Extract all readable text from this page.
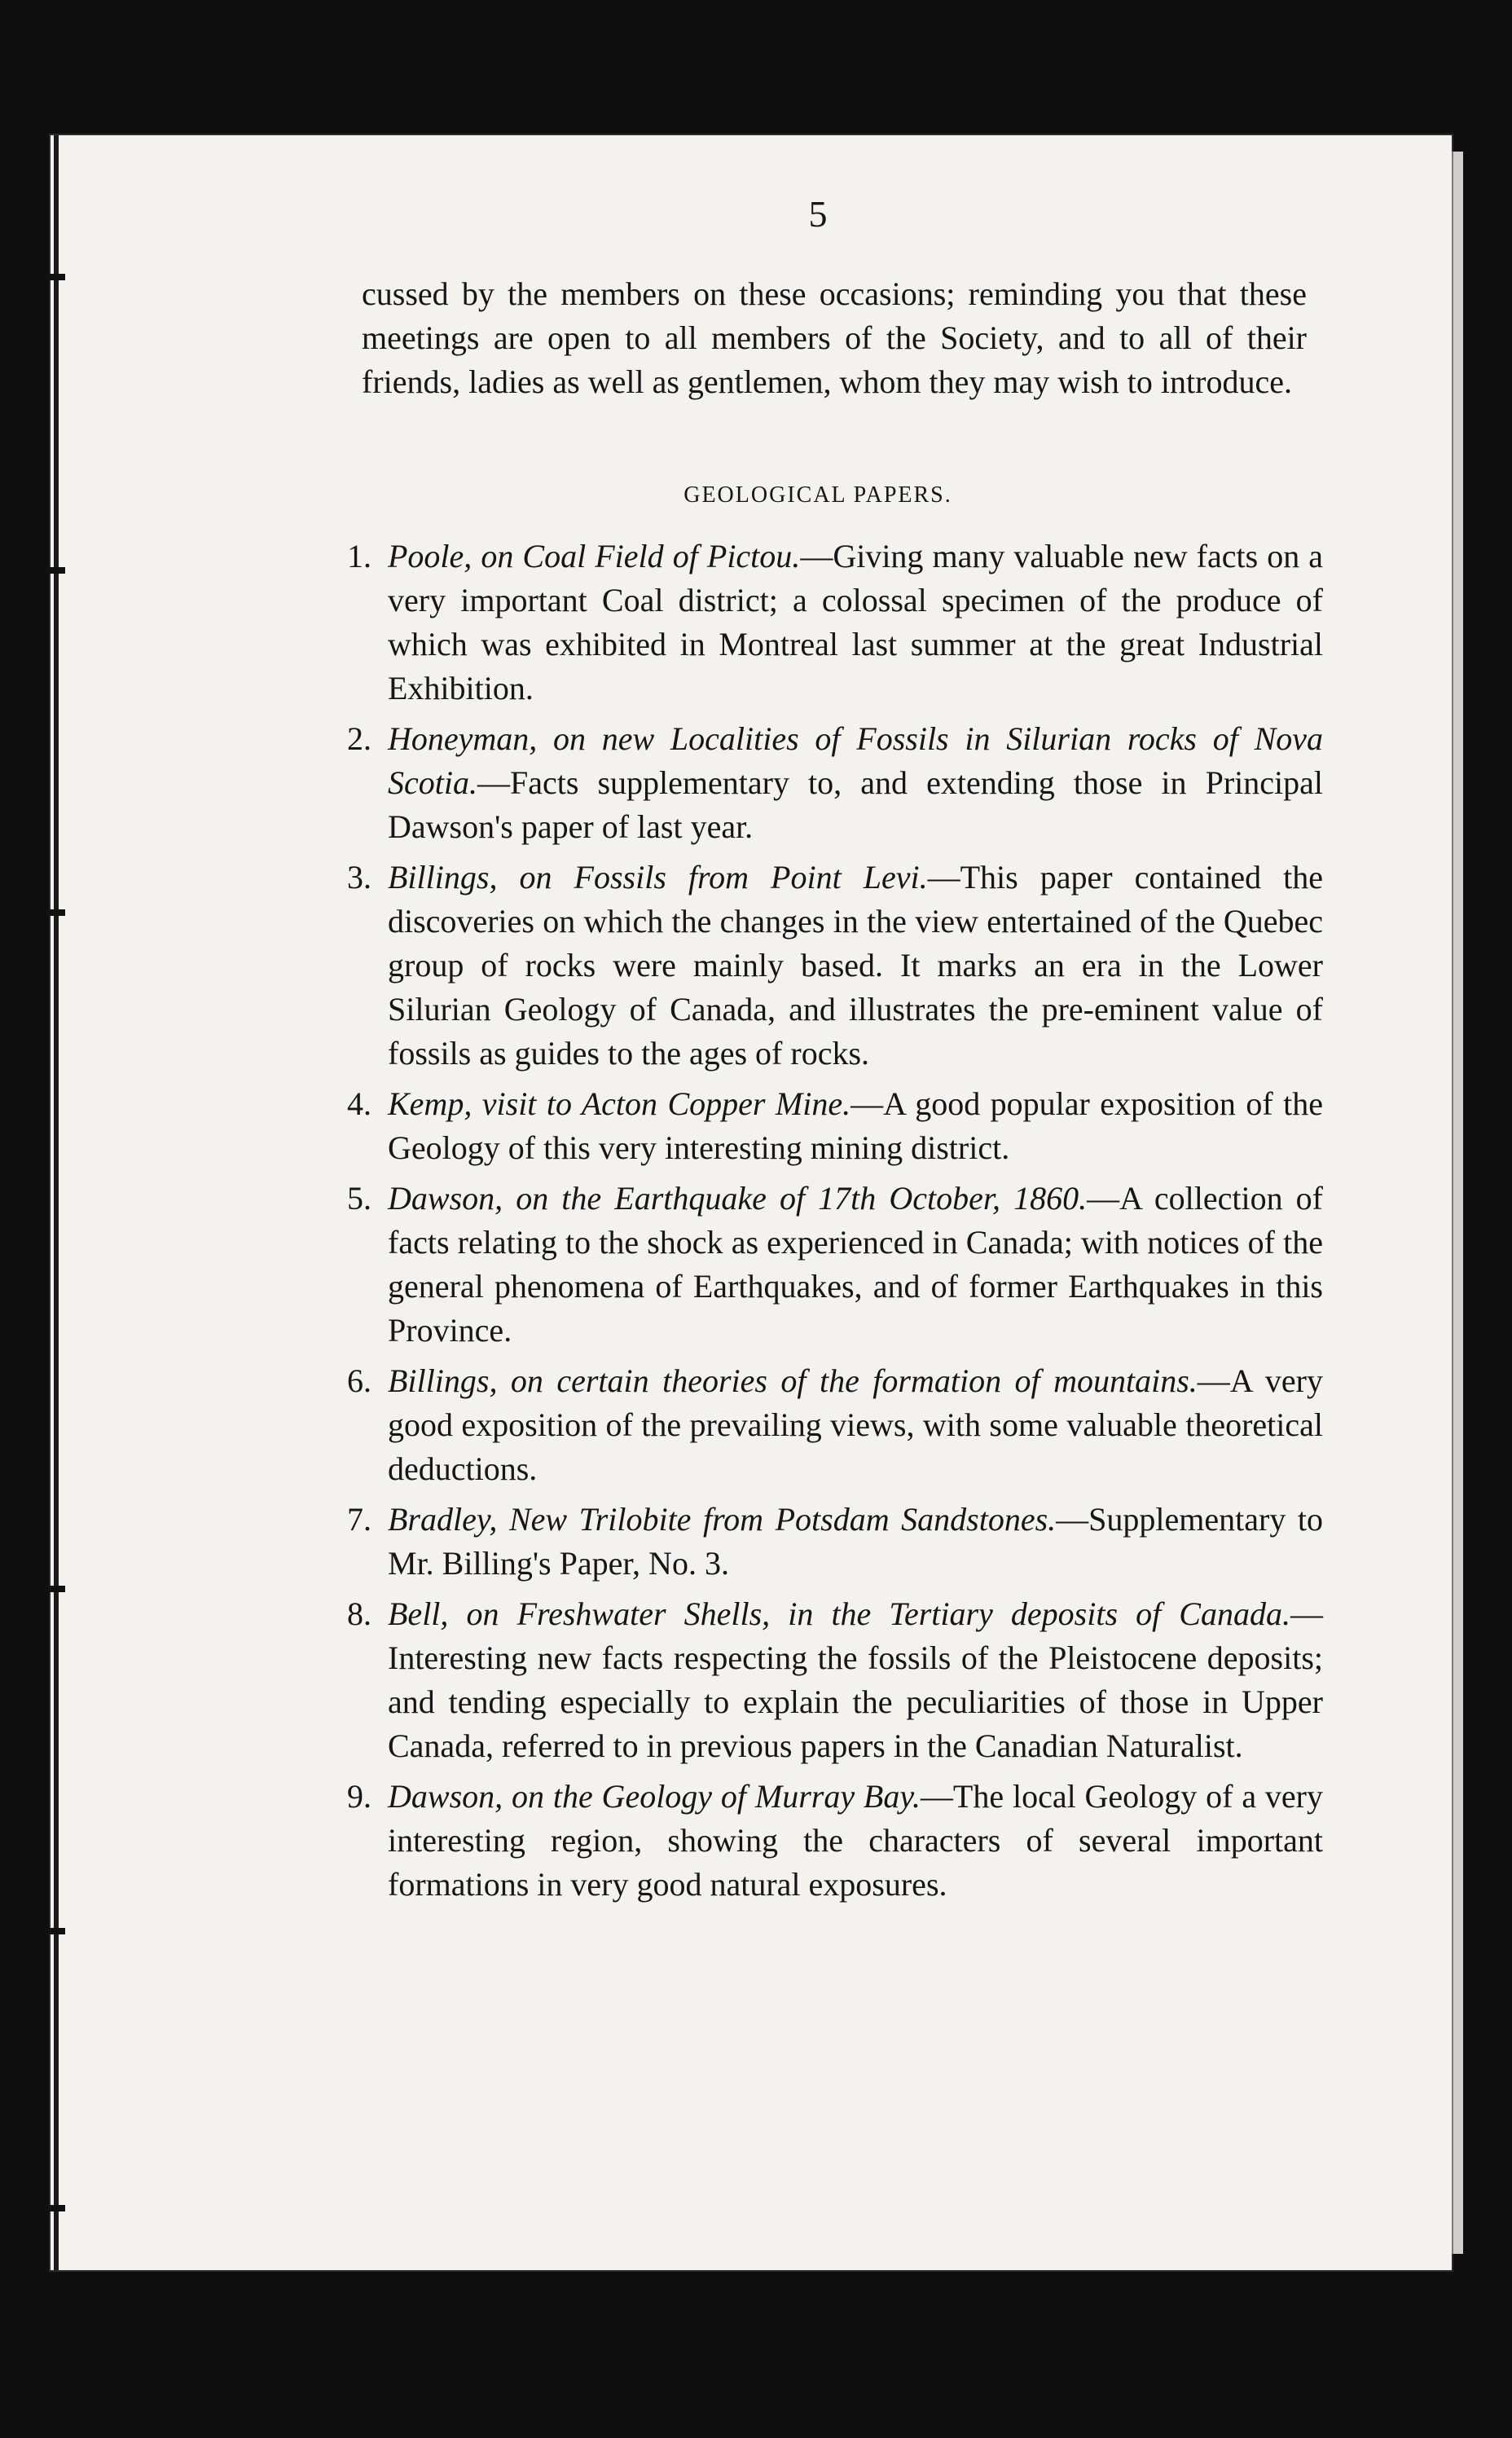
5
cussed by the members on these occasions; reminding you that these meetings are open to all members of the Society, and to all of their friends, ladies as well as gentlemen, whom they may wish to introduce.
GEOLOGICAL PAPERS.
1. Poole, on Coal Field of Pictou.—Giving many valuable new facts on a very important Coal district; a colossal specimen of the produce of which was exhibited in Montreal last summer at the great Industrial Exhibition.
2. Honeyman, on new Localities of Fossils in Silurian rocks of Nova Scotia.—Facts supplementary to, and extending those in Principal Dawson's paper of last year.
3. Billings, on Fossils from Point Levi.—This paper contained the discoveries on which the changes in the view entertained of the Quebec group of rocks were mainly based. It marks an era in the Lower Silurian Geology of Canada, and illustrates the pre-eminent value of fossils as guides to the ages of rocks.
4. Kemp, visit to Acton Copper Mine.—A good popular exposition of the Geology of this very interesting mining district.
5. Dawson, on the Earthquake of 17th October, 1860.—A collection of facts relating to the shock as experienced in Canada; with notices of the general phenomena of Earthquakes, and of former Earthquakes in this Province.
6. Billings, on certain theories of the formation of mountains.—A very good exposition of the prevailing views, with some valuable theoretical deductions.
7. Bradley, New Trilobite from Potsdam Sandstones.—Supplementary to Mr. Billing's Paper, No. 3.
8. Bell, on Freshwater Shells, in the Tertiary deposits of Canada.—Interesting new facts respecting the fossils of the Pleistocene deposits; and tending especially to explain the peculiarities of those in Upper Canada, referred to in previous papers in the Canadian Naturalist.
9. Dawson, on the Geology of Murray Bay.—The local Geology of a very interesting region, showing the characters of several important formations in very good natural exposures.
